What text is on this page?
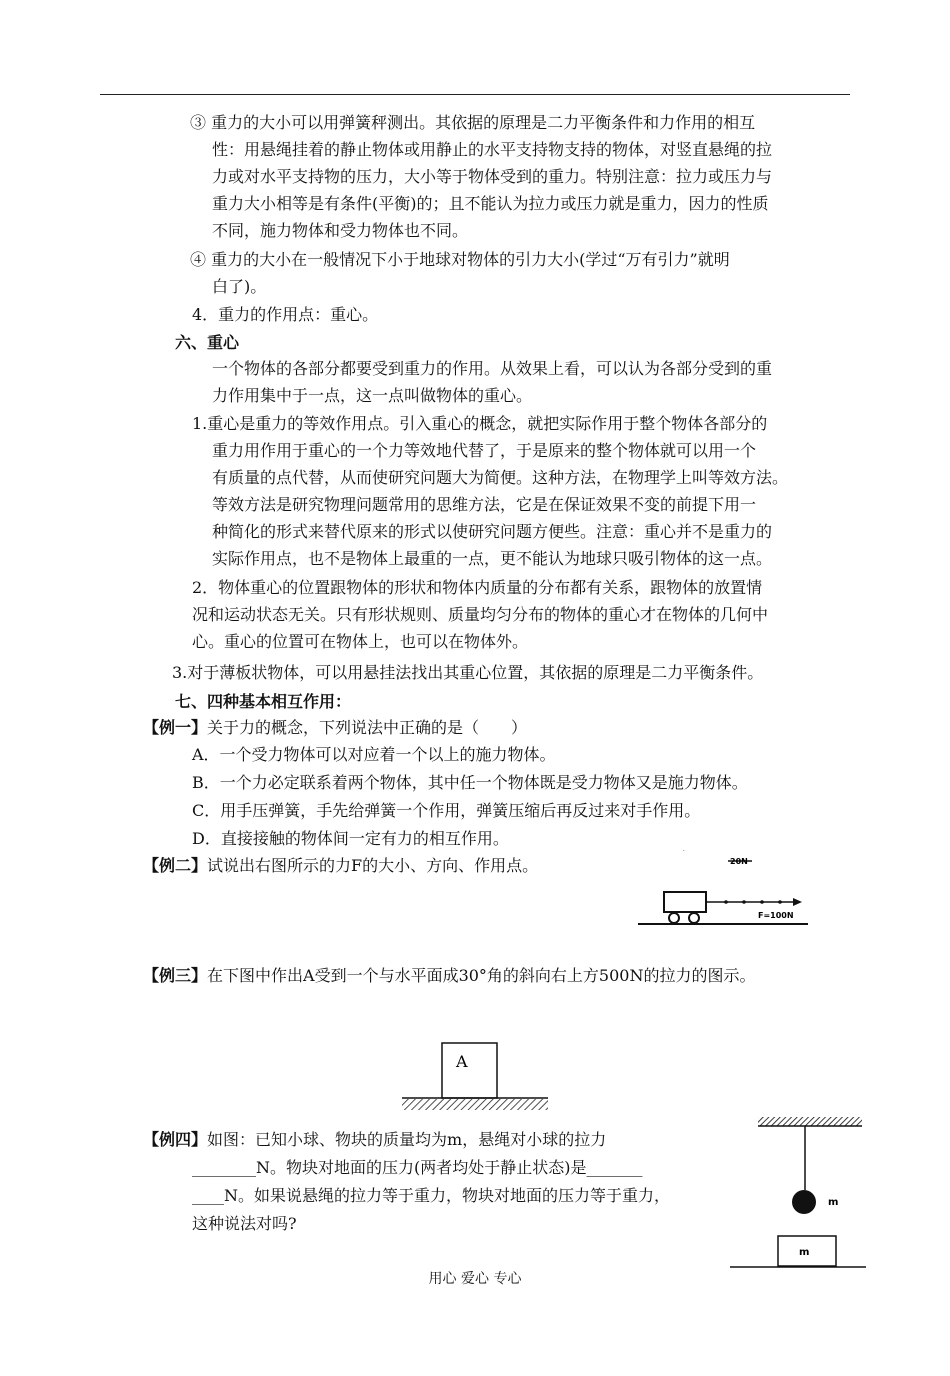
③ 重力的大小可以用弹簧秤测出。其依据的原理是二力平衡条件和力作用的相互
性：用悬绳挂着的静止物体或用静止的水平支持物支持的物体，对竖直悬绳的拉
力或对水平支持物的压力，大小等于物体受到的重力。特别注意：拉力或压力与
重力大小相等是有条件(平衡)的；且不能认为拉力或压力就是重力，因力的性质
不同，施力物体和受力物体也不同。
④ 重力的大小在一般情况下小于地球对物体的引力大小(学过“万有引力”就明
白了)。
4．重力的作用点：重心。
六、重心
一个物体的各部分都要受到重力的作用。从效果上看，可以认为各部分受到的重
力作用集中于一点，这一点叫做物体的重心。
1.重心是重力的等效作用点。引入重心的概念，就把实际作用于整个物体各部分的
重力用作用于重心的一个力等效地代替了，于是原来的整个物体就可以用一个
有质量的点代替，从而使研究问题大为简便。这种方法，在物理学上叫等效方法。
等效方法是研究物理问题常用的思维方法，它是在保证效果不变的前提下用一
种简化的形式来替代原来的形式以使研究问题方便些。注意：重心并不是重力的
实际作用点，也不是物体上最重的一点，更不能认为地球只吸引物体的这一点。
2．物体重心的位置跟物体的形状和物体内质量的分布都有关系，跟物体的放置情
况和运动状态无关。只有形状规则、质量均匀分布的物体的重心才在物体的几何中
心。重心的位置可在物体上，也可以在物体外。
3.对于薄板状物体，可以用悬挂法找出其重心位置，其依据的原理是二力平衡条件。
七、四种基本相互作用：
【例一】关于力的概念，下列说法中正确的是（　　）
A．一个受力物体可以对应着一个以上的施力物体。
B．一个力必定联系着两个物体，其中任一个物体既是受力物体又是施力物体。
C．用手压弹簧，手先给弹簧一个作用，弹簧压缩后再反过来对手作用。
D．直接接触的物体间一定有力的相互作用。
【例二】试说出右图所示的力F的大小、方向、作用点。
ˇ
20N
F=100N
【例三】在下图中作出A受到一个与水平面成30°角的斜向右上方500N的拉力的图示。
A
【例四】如图：已知小球、物块的质量均为m，悬绳对小球的拉力
________N。物块对地面的压力(两者均处于静止状态)是_______
____N。如果说悬绳的拉力等于重力，物块对地面的压力等于重力，
这种说法对吗?
m
m
用心 爱心 专心
